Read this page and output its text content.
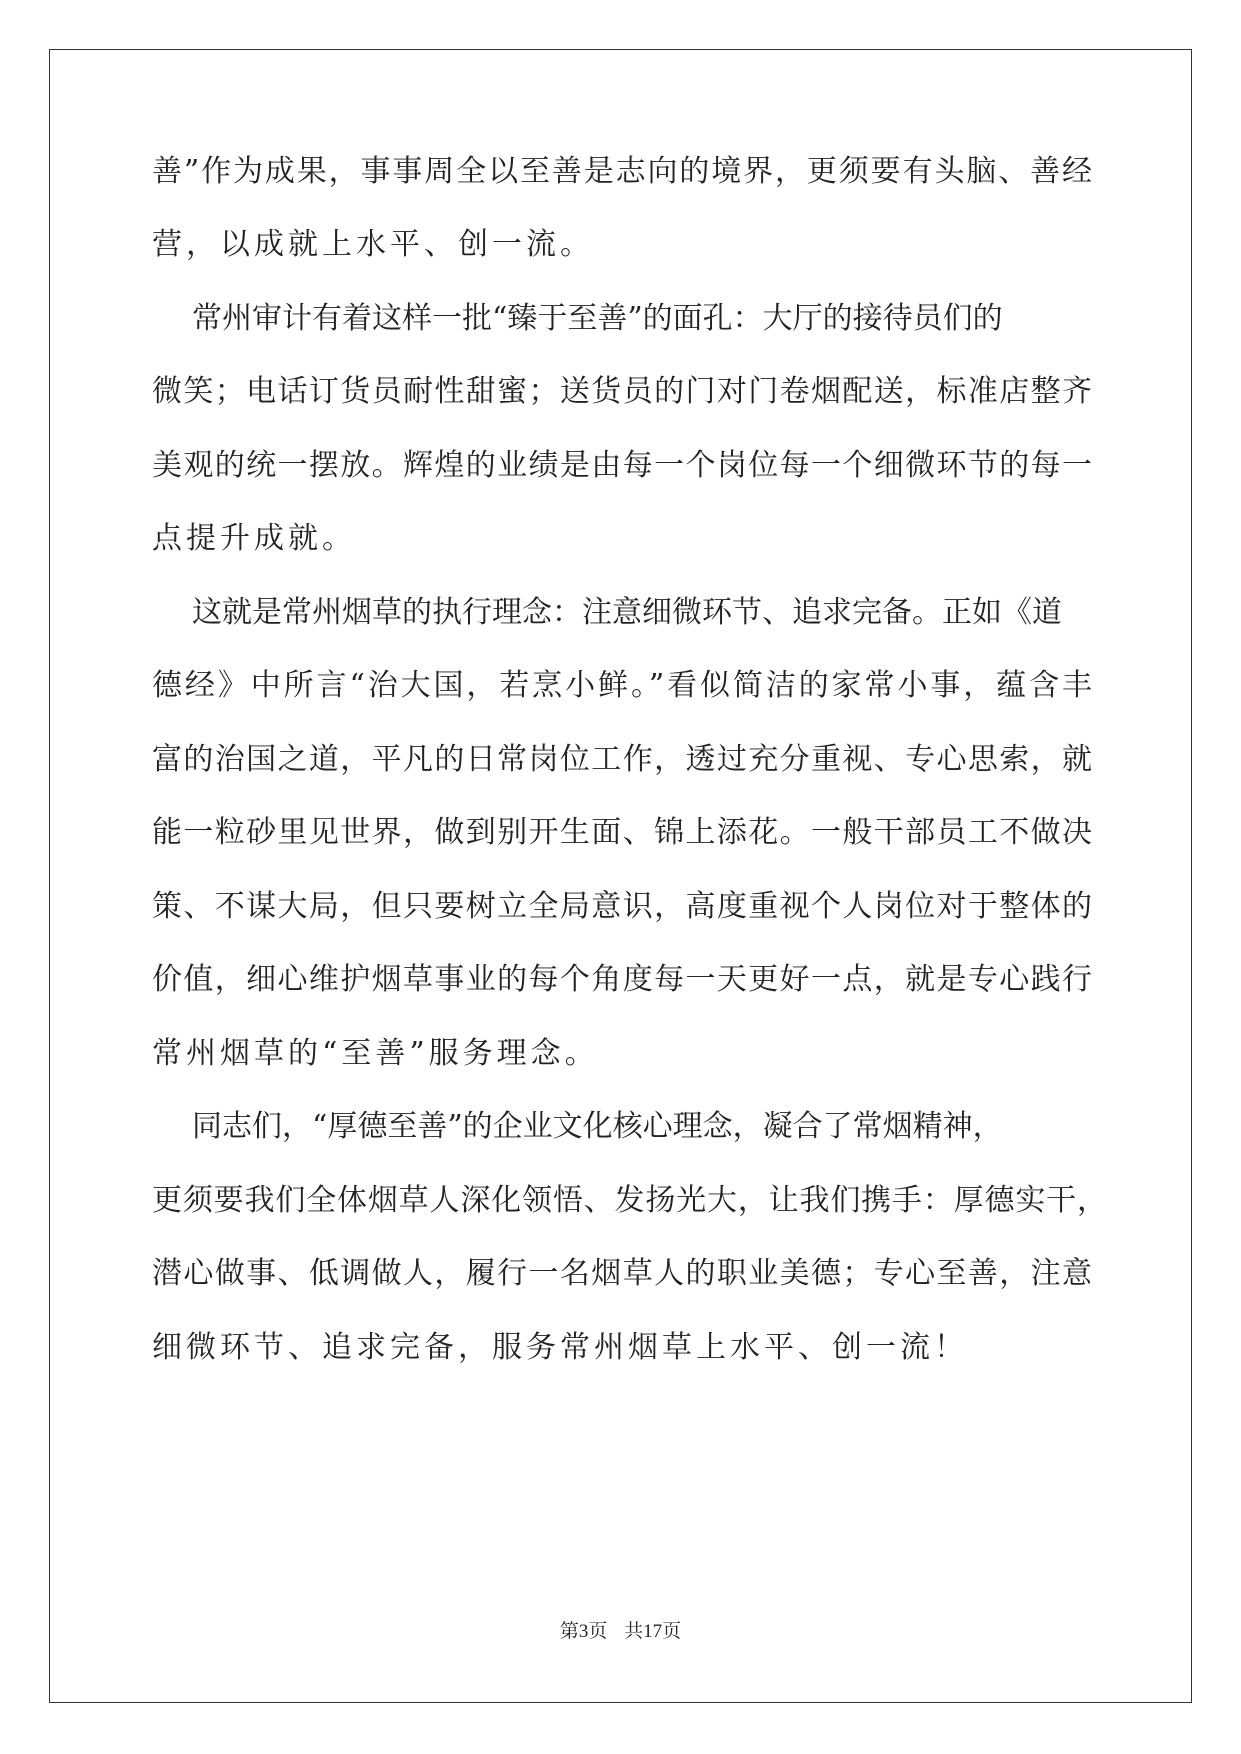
善”作为成果，事事周全以至善是志向的境界，更须要有头脑、善经
营，以成就上水平、创一流。
常州审计有着这样一批“臻于至善”的面孔：大厅的接待员们的
微笑；电话订货员耐性甜蜜；送货员的门对门卷烟配送，标准店整齐
美观的统一摆放。辉煌的业绩是由每一个岗位每一个细微环节的每一
点提升成就。
这就是常州烟草的执行理念：注意细微环节、追求完备。正如《道
德经》中所言“治大国，若烹小鲜。”看似简洁的家常小事，蕴含丰
富的治国之道，平凡的日常岗位工作，透过充分重视、专心思索，就
能一粒砂里见世界，做到别开生面、锦上添花。一般干部员工不做决
策、不谋大局，但只要树立全局意识，高度重视个人岗位对于整体的
价值，细心维护烟草事业的每个角度每一天更好一点，就是专心践行
常州烟草的“至善”服务理念。
同志们，“厚德至善”的企业文化核心理念，凝合了常烟精神，
更须要我们全体烟草人深化领悟、发扬光大，让我们携手：厚德实干，
潜心做事、低调做人，履行一名烟草人的职业美德；专心至善，注意
细微环节、追求完备，服务常州烟草上水平、创一流！
第3页 共17页
